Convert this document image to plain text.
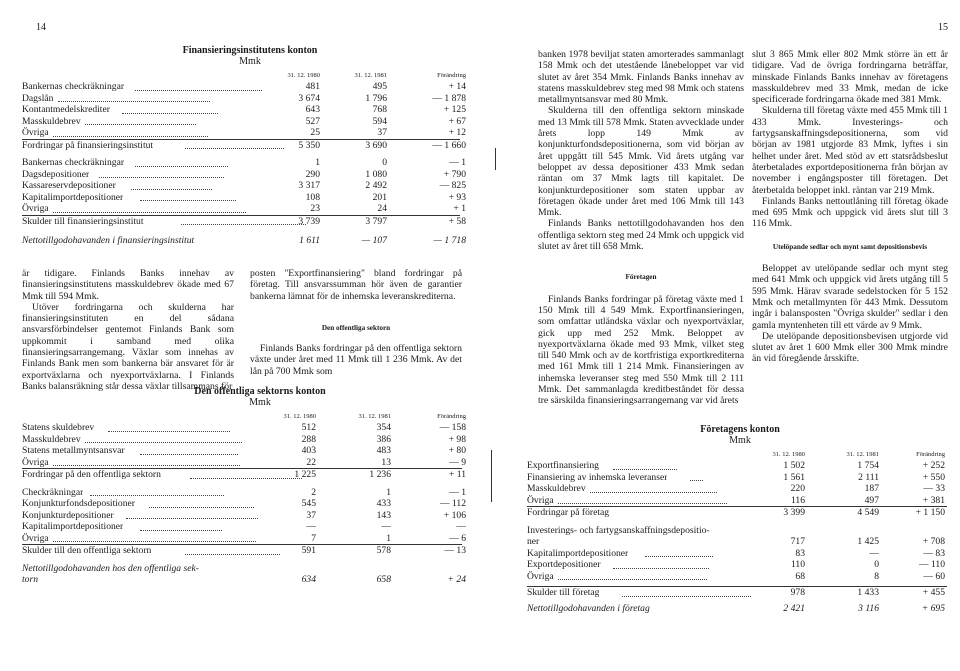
14	15
Finansieringsinstitutens konton
Mmk
31. 12. 1980	31. 12. 1981	Förändring
Bankernas checkräkningar	481	495	+ 14
Dagslån	3 674	1 796	— 1 878
Kontantmedelskrediter	643	768	+ 125
Masskuldebrev	527	594	+ 67
Övriga	25	37	+ 12
Fordringar på finansieringsinstitut	5 350	3 690	— 1 660
Bankernas checkräkningar	1	0	— 1
Dagsdepositioner	290	1 080	+ 790
Kassareservdepositioner	3 317	2 492	— 825
Kapitalimportdepositioner	108	201	+ 93
Övriga	23	24	+ 1
Skulder till finansieringsinstitut	3 739	3 797	+ 58
Nettotillgodohavanden i finansieringsinstitut	1 611	— 107	— 1 718

är tidigare. Finlands Banks innehav av finansieringsinstitutens masskuldebrev ökade med 67 Mmk till 594 Mmk.

Utöver fordringarna och skulderna har finansieringsinstituten en del sådana ansvarsförbindelser gentemot Finlands Bank som uppkommit i samband med olika finansieringsarrangemang. Växlar som innehas av Finlands Bank men som bankerna bär ansvaret för är exportväxlarna och nyexportväxlarna. I Finlands Banks balansräkning står dessa växlar tillsammans för

posten "Exportfinansiering" bland fordringar på företag. Till ansvarssumman hör även de garantier bankerna lämnat för de inhemska leveranskrediterna.

Den offentliga sektorn

Finlands Banks fordringar på den offentliga sektorn växte under året med 11 Mmk till 1 236 Mmk. Av det lån på 700 Mmk som

Den offentliga sektorns konton
Mmk
31. 12. 1980	31. 12. 1981	Förändring
Statens skuldebrev	512	354	— 158
Masskuldebrev	288	386	+ 98
Statens metallmyntsansvar	403	483	+ 80
Övriga	22	13	— 9
Fordringar på den offentliga sektorn	1 225	1 236	+ 11
Checkräkningar	2	1	— 1
Konjunkturfondsdepositioner	545	433	— 112
Konjunkturdepositioner	37	143	+ 106
Kapitalimportdepositioner	—	—	—
Övriga	7	1	— 6
Skulder till den offentliga sektorn	591	578	— 13
Nettotillgodohavanden hos den offentliga sek-
torn	634	658	+ 24

banken 1978 beviljat staten amorterades sammanlagt 158 Mmk och det utestående lånebeloppet var vid slutet av året 354 Mmk. Finlands Banks innehav av statens masskuldebrev steg med 98 Mmk och statens metallmyntsansvar med 80 Mmk.

Skulderna till den offentliga sektorn minskade med 13 Mmk till 578 Mmk. Staten avvecklade under årets lopp 149 Mmk av konjunkturfondsdepositionerna, som vid början av året uppgått till 545 Mmk. Vid årets utgång var beloppet av dessa depositioner 433 Mmk sedan räntan om 37 Mmk lagts till kapitalet. De konjunkturdepositioner som staten uppbar av företagen ökade under året med 106 Mmk till 143 Mmk.

Finlands Banks nettotillgodohavanden hos den offentliga sektorn steg med 24 Mmk och uppgick vid slutet av året till 658 Mmk.

Företagen

Finlands Banks fordringar på företag växte med 1 150 Mmk till 4 549 Mmk. Exportfinansieringen, som omfattar utländska växlar och nyexportväxlar, gick upp med 252 Mmk. Beloppet av nyexportväxlarna ökade med 93 Mmk, vilket steg till 540 Mmk och av de kortfristiga exportkrediterna med 161 Mmk till 1 214 Mmk. Finansieringen av inhemska leveranser steg med 550 Mmk till 2 111 Mmk. Det sammanlagda kreditbeståndet för dessa tre särskilda finansieringsarrangemang var vid årets

slut 3 865 Mmk eller 802 Mmk större än ett år tidigare. Vad de övriga fordringarna beträffar, minskade Finlands Banks innehav av företagens masskuldebrev med 33 Mmk, medan de icke specificerade fordringarna ökade med 381 Mmk.

Skulderna till företag växte med 455 Mmk till 1 433 Mmk. Investerings- och fartygsanskaffningsdepositionerna, som vid början av 1981 utgjorde 83 Mmk, lyftes i sin helhet under året. Med stöd av ett statsrådsbeslut återbetalades exportdepositionerna från början av november i engångsposter till företagen. Det återbetalda beloppet inkl. räntan var 219 Mmk.

Finlands Banks nettoutlåning till företag ökade med 695 Mmk och uppgick vid årets slut till 3 116 Mmk.

Utelöpande sedlar och mynt samt depositionsbevis

Beloppet av utelöpande sedlar och mynt steg med 641 Mmk och uppgick vid årets utgång till 5 595 Mmk. Härav svarade sedelstocken för 5 152 Mmk och metallmynten för 443 Mmk. Dessutom ingår i balansposten "Övriga skulder" sedlar i den gamla myntenheten till ett värde av 9 Mmk.

De utelöpande depositionsbevisen utgjorde vid slutet av året 1 600 Mmk eller 300 Mmk mindre än vid föregående årsskifte.

Företagens konton
Mmk
31. 12. 1980	31. 12. 1981	Förändring
Exportfinansiering	1 502	1 754	+ 252
Finansiering av inhemska leveranser	1 561	2 111	+ 550
Masskuldebrev	220	187	— 33
Övriga	116	497	+ 381
Fordringar på företag	3 399	4 549	+ 1 150
Investerings- och fartygsanskaffningsdepositio-
ner	717	1 425	+ 708
Kapitalimportdepositioner	83	—	— 83
Exportdepositioner	110	0	— 110
Övriga	68	8	— 60
Skulder till företag	978	1 433	+ 455
Nettotillgodohavanden i företag	2 421	3 116	+ 695
